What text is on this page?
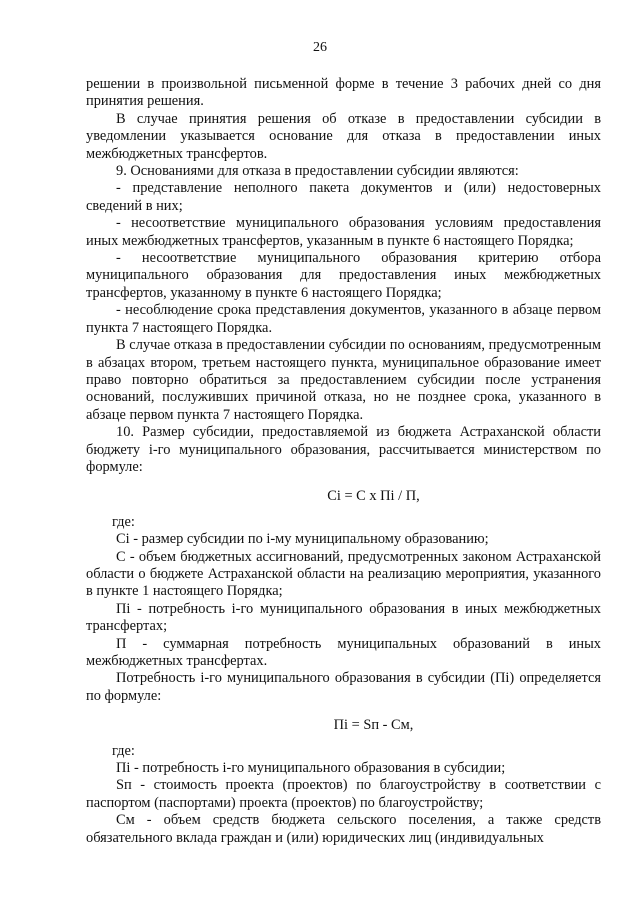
26

решении в произвольной письменной форме в течение 3 рабочих дней со дня принятия решения.

В случае принятия решения об отказе в предоставлении субсидии в уведомлении указывается основание для отказа в предоставлении иных межбюджетных трансфертов.

9. Основаниями для отказа в предоставлении субсидии являются:

- представление неполного пакета документов и (или) недостоверных сведений в них;

- несоответствие муниципального образования условиям предоставления иных межбюджетных трансфертов, указанным в пункте 6 настоящего Порядка;

- несоответствие муниципального образования критерию отбора муниципального образования для предоставления иных межбюджетных трансфертов, указанному в пункте 6 настоящего Порядка;

- несоблюдение срока представления документов, указанного в абзаце первом пункта 7 настоящего Порядка.

В случае отказа в предоставлении субсидии по основаниям, предусмотренным в абзацах втором, третьем настоящего пункта, муниципальное образование имеет право повторно обратиться за предоставлением субсидии после устранения оснований, послуживших причиной отказа, но не позднее срока, указанного в абзаце первом пункта 7 настоящего Порядка.

10. Размер субсидии, предоставляемой из бюджета Астраханской области бюджету i-го муниципального образования, рассчитывается министерством по формуле:

Ci = C х Пi / П,

где:

Ci - размер субсидии по i-му муниципальному образованию;

C - объем бюджетных ассигнований, предусмотренных законом Астраханской области о бюджете Астраханской области на реализацию мероприятия, указанного в пункте 1 настоящего Порядка;

Пi - потребность i-го муниципального образования в иных межбюджетных трансфертах;

П - суммарная потребность муниципальных образований в иных межбюджетных трансфертах.

Потребность i-го муниципального образования в субсидии (Пi) определяется по формуле:

Пi = Sп - См,

где:

Пi - потребность i-го муниципального образования в субсидии;

Sп - стоимость проекта (проектов) по благоустройству в соответствии с паспортом (паспортами) проекта (проектов) по благоустройству;

См - объем средств бюджета сельского поселения, а также средств обязательного вклада граждан и (или) юридических лиц (индивидуальных
